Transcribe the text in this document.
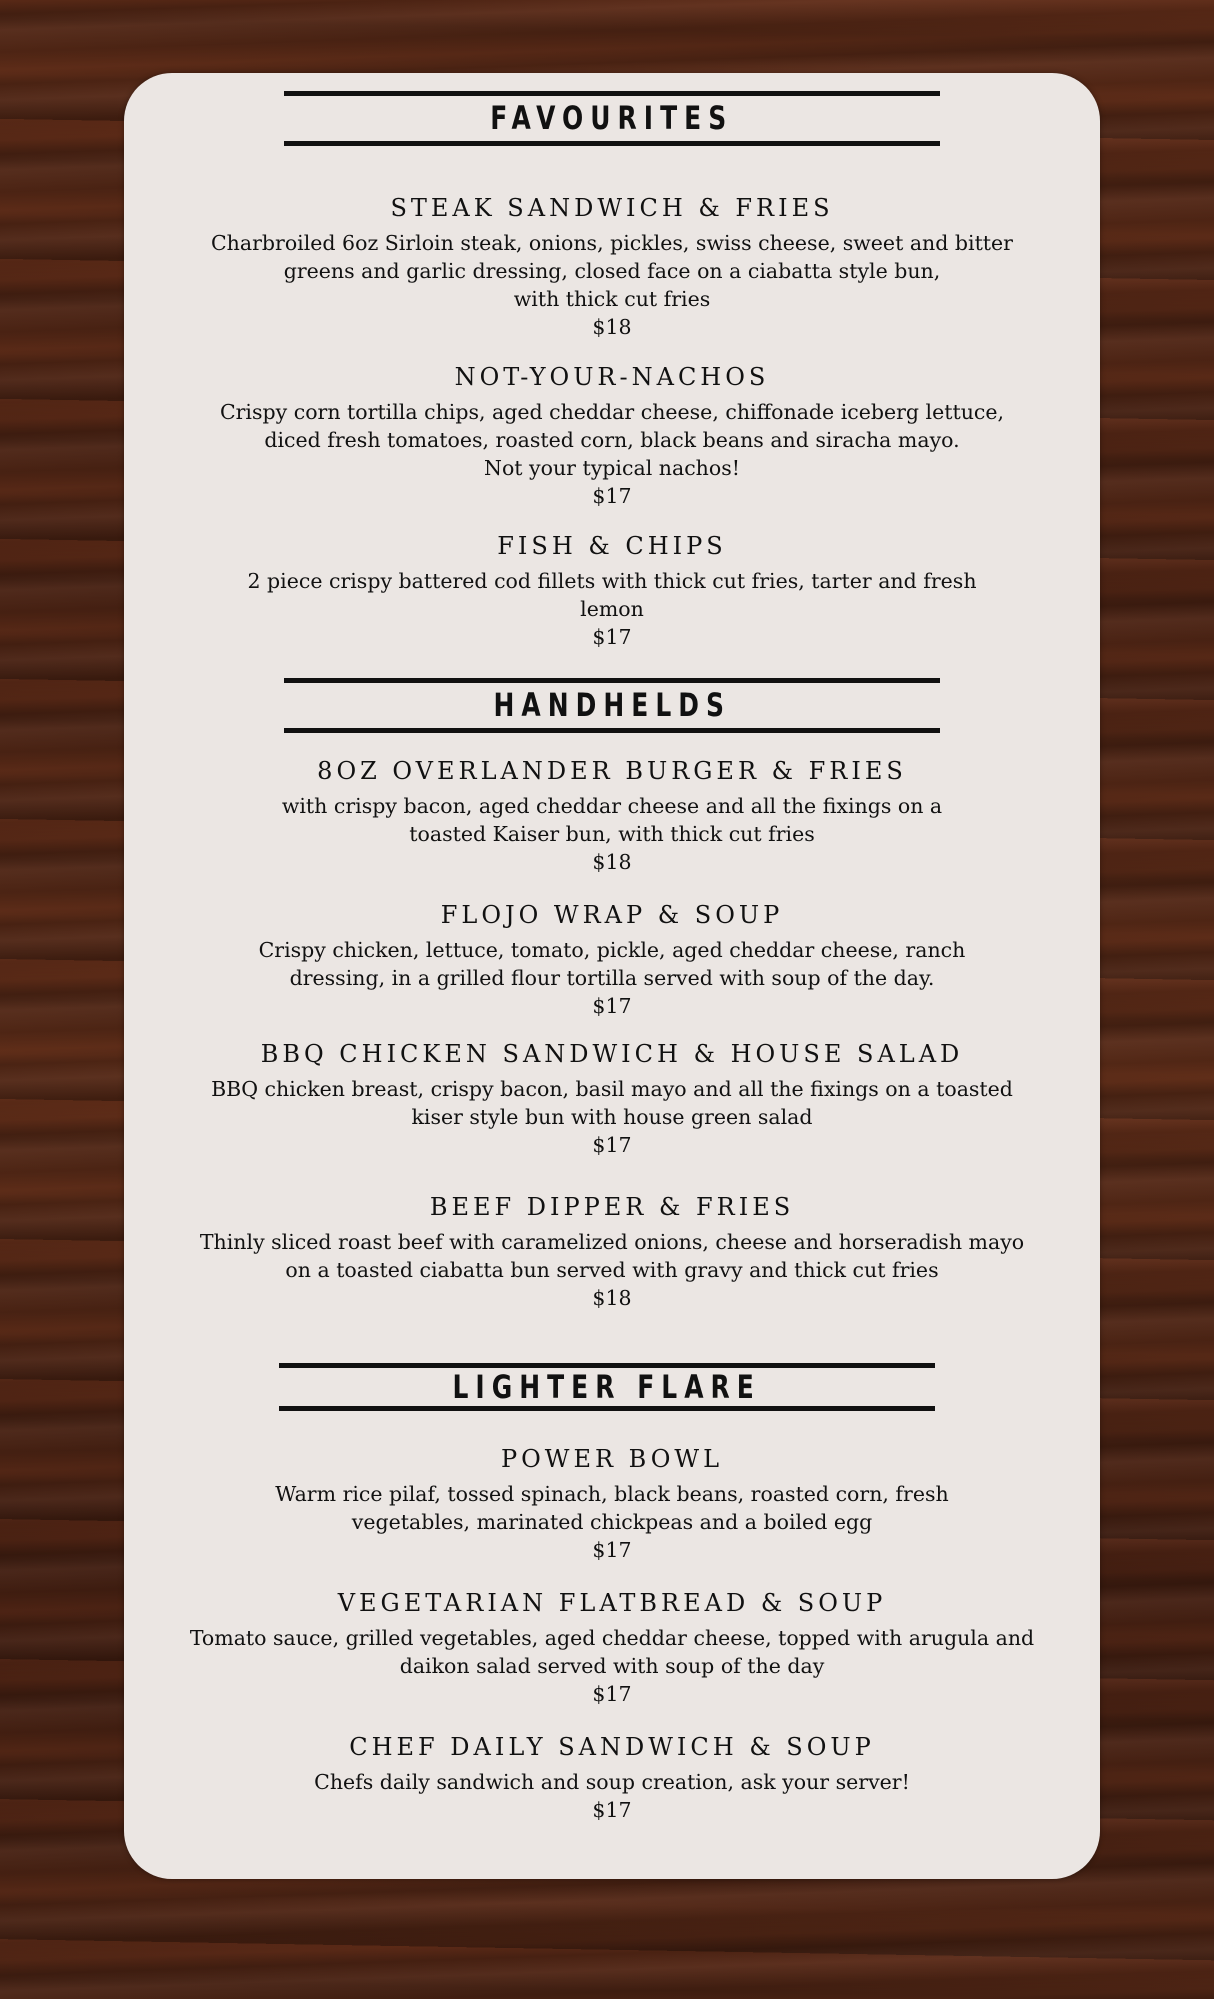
FAVOURITES

STEAK SANDWICH & FRIES

Charbroiled 6oz Sirloin steak, onions, pickles, swiss cheese, sweet and bitter
greens and garlic dressing, closed face on a ciabatta style bun,
with thick cut fries

$18

NOT-YOUR-NACHOS

Crispy corn tortilla chips, aged cheddar cheese, chiffonade iceberg lettuce,
diced fresh tomatoes, roasted corn, black beans and siracha mayo.
Not your typical nachos!

$17

FISH & CHIPS

2 piece crispy battered cod fillets with thick cut fries, tarter and fresh
lemon

$17

HANDHELDS

8OZ OVERLANDER BURGER & FRIES

with crispy bacon, aged cheddar cheese and all the fixings on a
toasted Kaiser bun, with thick cut fries

$18

FLOJO WRAP & SOUP

Crispy chicken, lettuce, tomato, pickle, aged cheddar cheese, ranch
dressing, in a grilled flour tortilla served with soup of the day.

$17

BBQ CHICKEN SANDWICH & HOUSE SALAD

BBQ chicken breast, crispy bacon, basil mayo and all the fixings on a toasted
kiser style bun with house green salad

$17

BEEF DIPPER & FRIES

Thinly sliced roast beef with caramelized onions, cheese and horseradish mayo
on a toasted ciabatta bun served with gravy and thick cut fries

$18

LIGHTER FLARE

POWER BOWL

Warm rice pilaf, tossed spinach, black beans, roasted corn, fresh
vegetables, marinated chickpeas and a boiled egg

$17

VEGETARIAN FLATBREAD & SOUP

Tomato sauce, grilled vegetables, aged cheddar cheese, topped with arugula and
daikon salad served with soup of the day

$17

CHEF DAILY SANDWICH & SOUP

Chefs daily sandwich and soup creation, ask your server!

$17
